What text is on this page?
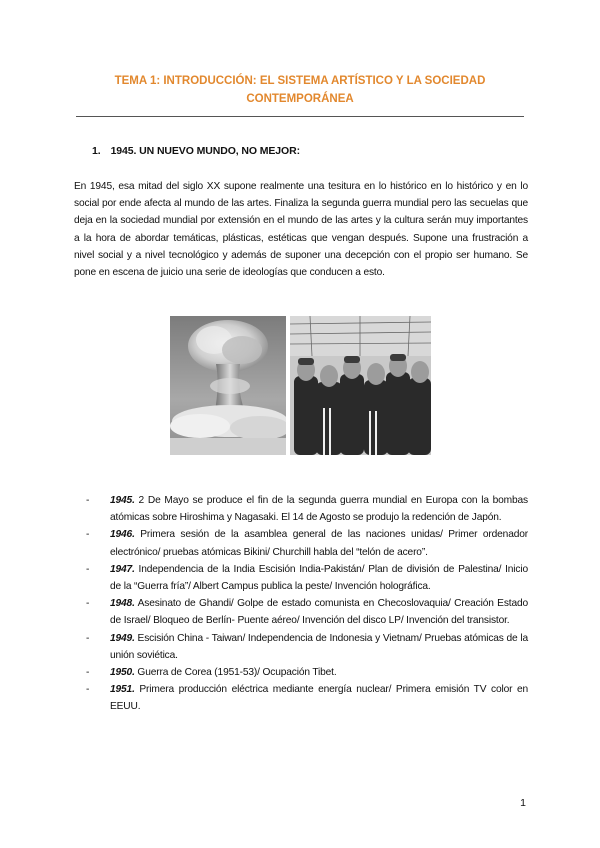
TEMA 1: INTRODUCCIÓN: EL SISTEMA ARTÍSTICO Y LA SOCIEDAD CONTEMPORÁNEA
1. 1945. UN NUEVO MUNDO, NO MEJOR:

En 1945, esa mitad del siglo XX supone realmente una tesitura en lo histórico en lo histórico y en lo social por ende afecta al mundo de las artes. Finaliza la segunda guerra mundial pero las secuelas que deja en la sociedad mundial por extensión en el mundo de las artes y la cultura serán muy importantes a la hora de abordar temáticas, plásticas, estéticas que vengan después. Supone una frustración a nivel social y a nivel tecnológico y además de suponer una decepción con el propio ser humano. Se pone en escena de juicio una serie de ideologías que conducen a esto.

- 1945. 2 De Mayo se produce el fin de la segunda guerra mundial en Europa con la bombas atómicas sobre Hiroshima y Nagasaki. El 14 de Agosto se produjo la redención de Japón.
- 1946. Primera sesión de la asamblea general de las naciones unidas/ Primer ordenador electrónico/ pruebas atómicas Bikini/ Churchill habla del “telón de acero”.
- 1947. Independencia de la India Escisión India-Pakistán/ Plan de división de Palestina/ Inicio de la “Guerra fría”/ Albert Campus publica la peste/ Invención holográfica.
- 1948. Asesinato de Ghandi/ Golpe de estado comunista en Checoslovaquia/ Creación Estado de Israel/ Bloqueo de Berlín- Puente aéreo/ Invención del disco LP/ Invención del transistor.
- 1949. Escisión China - Taiwan/ Independencia de Indonesia y Vietnam/ Pruebas atómicas de la unión soviética.
- 1950. Guerra de Corea (1951-53)/ Ocupación Tibet.
- 1951. Primera producción eléctrica mediante energía nuclear/ Primera emisión TV color en EEUU.
1
